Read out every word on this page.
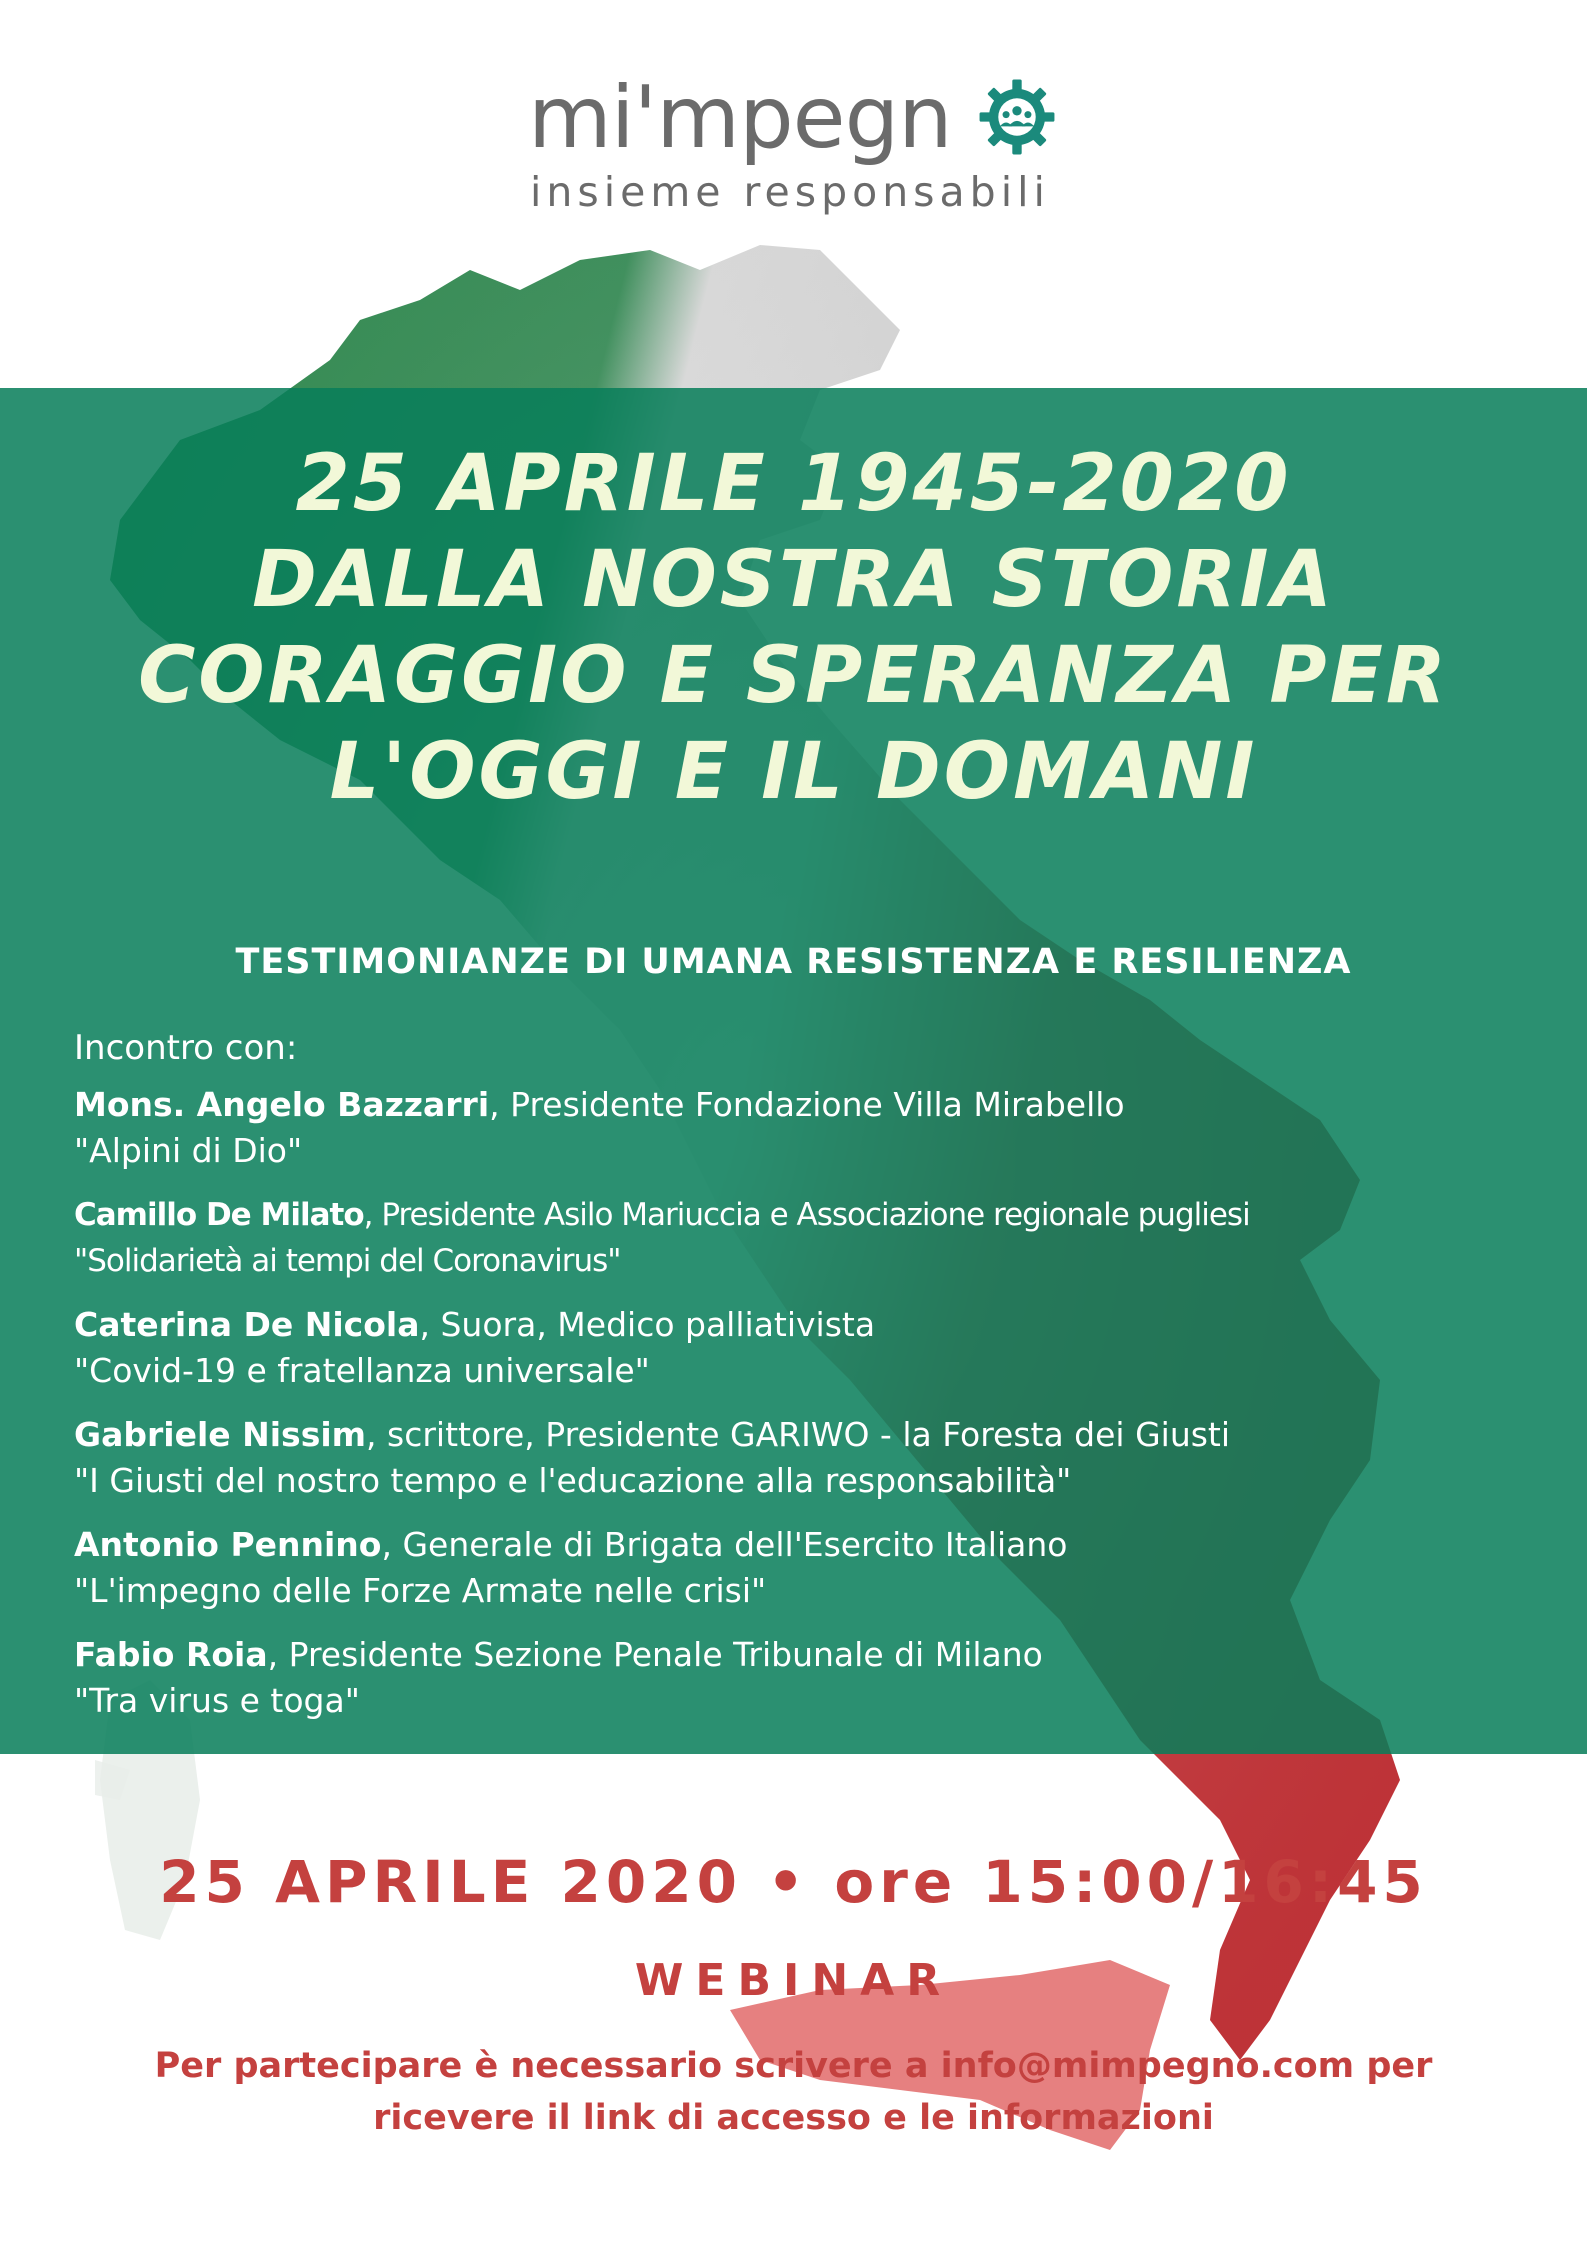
mi'mpegn
insieme responsabili
25 APRILE 1945-2020
DALLA NOSTRA STORIA
CORAGGIO E SPERANZA PER
L'OGGI E IL DOMANI
TESTIMONIANZE DI UMANA RESISTENZA E RESILIENZA
Incontro con:
Mons. Angelo Bazzarri, Presidente Fondazione Villa Mirabello
"Alpini di Dio"
Camillo De Milato, Presidente Asilo Mariuccia e Associazione regionale pugliesi
"Solidarietà ai tempi del Coronavirus"
Caterina De Nicola, Suora, Medico palliativista
"Covid-19 e fratellanza universale"
Gabriele Nissim, scrittore, Presidente GARIWO - la Foresta dei Giusti
"I Giusti del nostro tempo e l'educazione alla responsabilità"
Antonio Pennino, Generale di Brigata dell'Esercito Italiano
"L'impegno delle Forze Armate nelle crisi"
Fabio Roia, Presidente Sezione Penale Tribunale di Milano
"Tra virus e toga"
25 APRILE 2020 • ore 15:00/16:45
WEBINAR
Per partecipare è necessario scrivere a info@mimpegno.com per
ricevere il link di accesso e le informazioni
